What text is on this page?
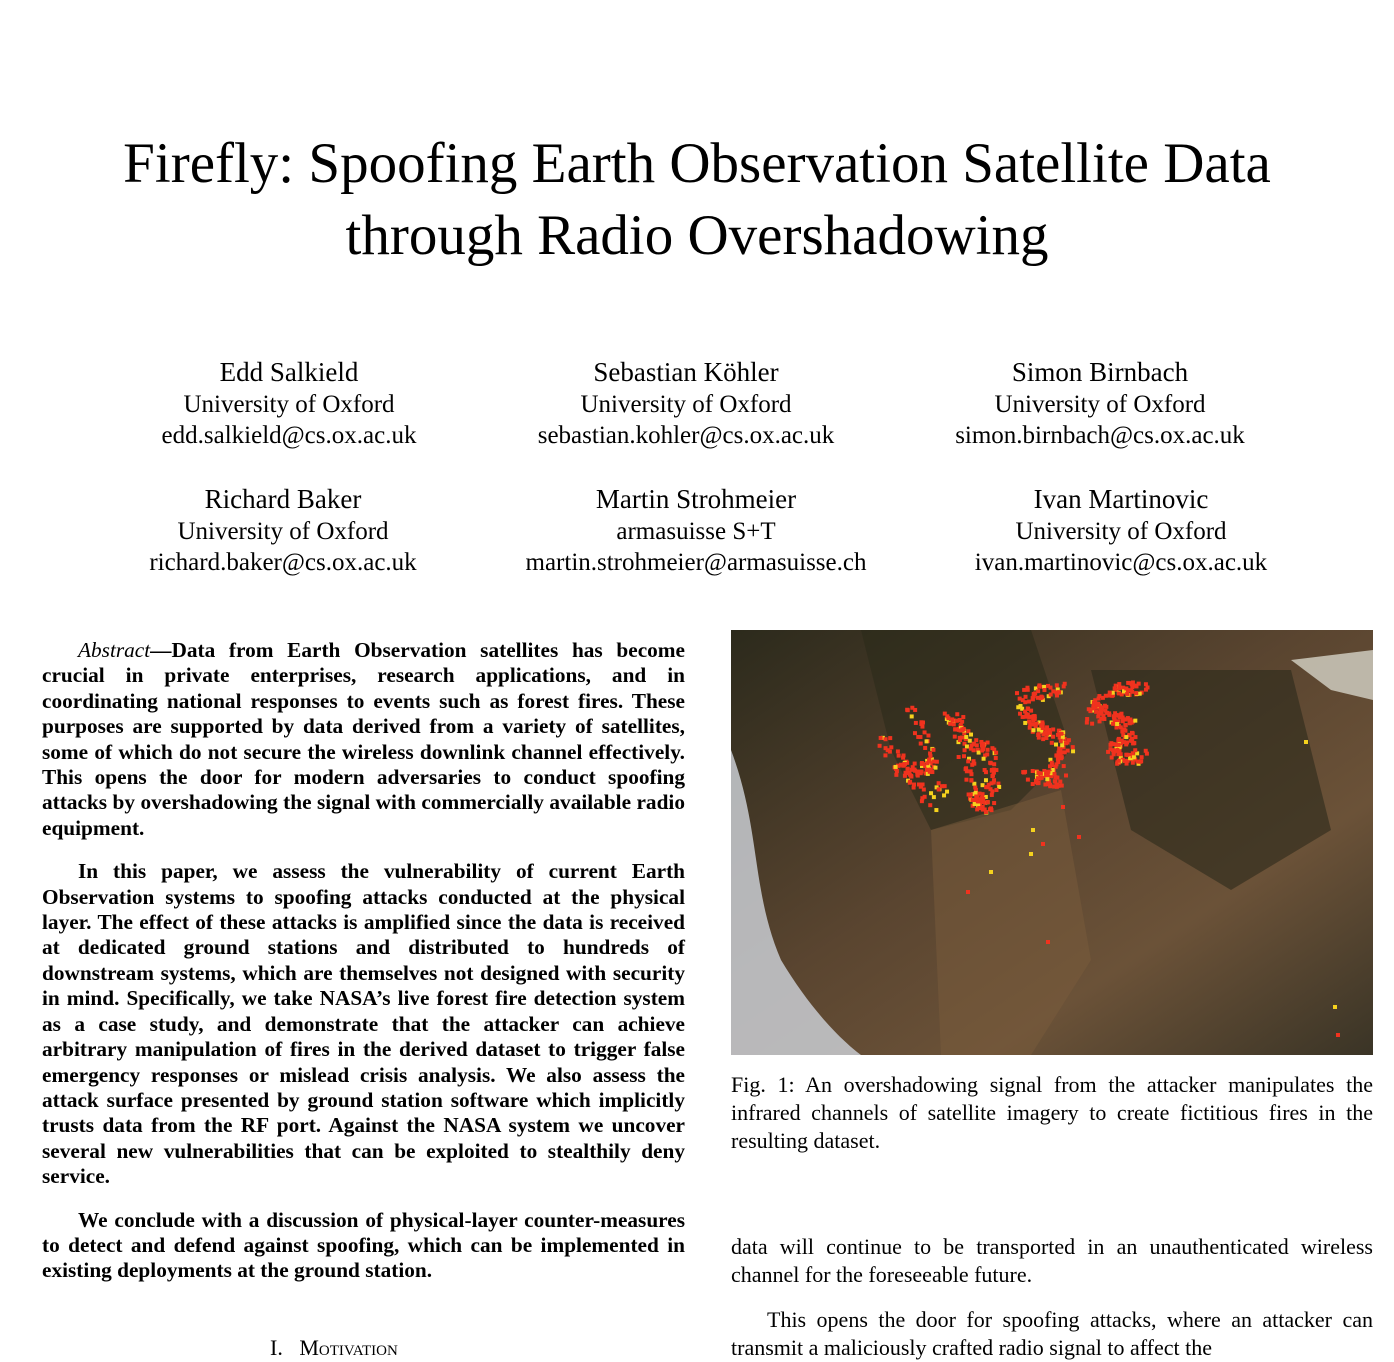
Firefly: Spoofing Earth Observation Satellite Data
through Radio Overshadowing
Edd Salkield
University of Oxford
edd.salkield@cs.ox.ac.uk
Sebastian Köhler
University of Oxford
sebastian.kohler@cs.ox.ac.uk
Simon Birnbach
University of Oxford
simon.birnbach@cs.ox.ac.uk
Richard Baker
University of Oxford
richard.baker@cs.ox.ac.uk
Martin Strohmeier
armasuisse S+T
martin.strohmeier@armasuisse.ch
Ivan Martinovic
University of Oxford
ivan.martinovic@cs.ox.ac.uk

Abstract—Data from Earth Observation satellites has become crucial in private enterprises, research applications, and in coordinating national responses to events such as forest fires. These purposes are supported by data derived from a variety of satellites, some of which do not secure the wireless downlink channel effectively. This opens the door for modern adversaries to conduct spoofing attacks by overshadowing the signal with commercially available radio equipment.

In this paper, we assess the vulnerability of current Earth Observation systems to spoofing attacks conducted at the physical layer. The effect of these attacks is amplified since the data is received at dedicated ground stations and distributed to hundreds of downstream systems, which are themselves not designed with security in mind. Specifically, we take NASA’s live forest fire detection system as a case study, and demonstrate that the attacker can achieve arbitrary manipulation of fires in the derived dataset to trigger false emergency responses or mislead crisis analysis. We also assess the attack surface presented by ground station software which implicitly trusts data from the RF port. Against the NASA system we uncover several new vulnerabilities that can be exploited to stealthily deny service.

We conclude with a discussion of physical-layer counter-measures to detect and defend against spoofing, which can be implemented in existing deployments at the ground station.

Fig. 1: An overshadowing signal from the attacker manipulates the infrared channels of satellite imagery to create fictitious fires in the resulting dataset.

data will continue to be transported in an unauthenticated wireless channel for the foreseeable future.

This opens the door for spoofing attacks, where an attacker can transmit a maliciously crafted radio signal to affect the

I. Motivation
